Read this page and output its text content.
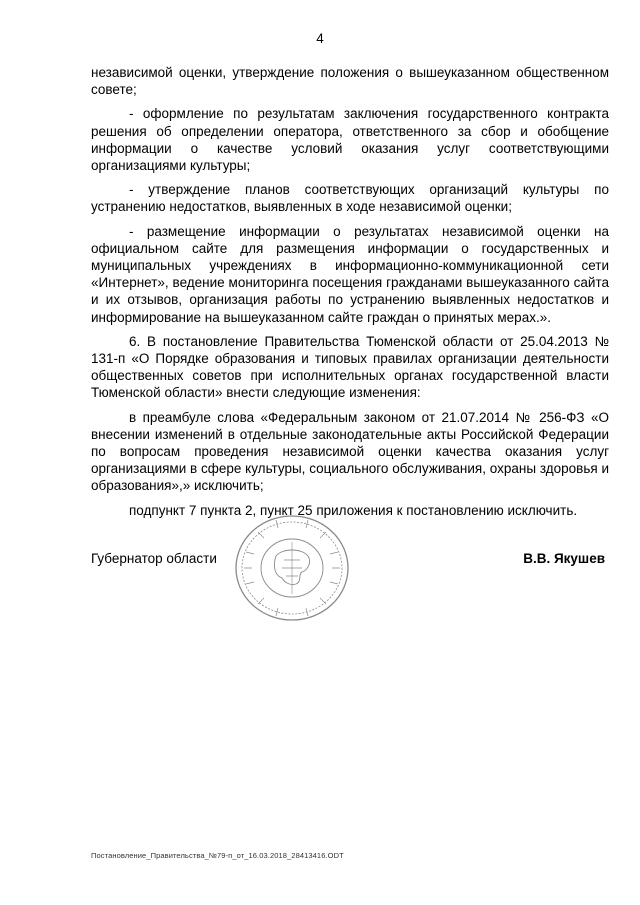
4

независимой оценки, утверждение положения о вышеуказанном общественном совете;

- оформление по результатам заключения государственного контракта решения об определении оператора, ответственного за сбор и обобщение информации о качестве условий оказания услуг соответствующими организациями культуры;

- утверждение планов соответствующих организаций культуры по устранению недостатков, выявленных в ходе независимой оценки;

- размещение информации о результатах независимой оценки на официальном сайте для размещения информации о государственных и муниципальных учреждениях в информационно-коммуникационной сети «Интернет», ведение мониторинга посещения гражданами вышеуказанного сайта и их отзывов, организация работы по устранению выявленных недостатков и информирование на вышеуказанном сайте граждан о принятых мерах.».

6. В постановление Правительства Тюменской области от 25.04.2013 № 131-п «О Порядке образования и типовых правилах организации деятельности общественных советов при исполнительных органах государственной власти Тюменской области» внести следующие изменения:

в преамбуле слова «Федеральным законом от 21.07.2014 № 256-ФЗ «О внесении изменений в отдельные законодательные акты Российской Федерации по вопросам проведения независимой оценки качества оказания услуг организациями в сфере культуры, социального обслуживания, охраны здоровья и образования»,» исключить;

подпункт 7 пункта 2, пункт 25 приложения к постановлению исключить.

Губернатор области	В.В. Якушев
Постановление_Правительства_№79-п_от_16.03.2018_28413416.ODT
